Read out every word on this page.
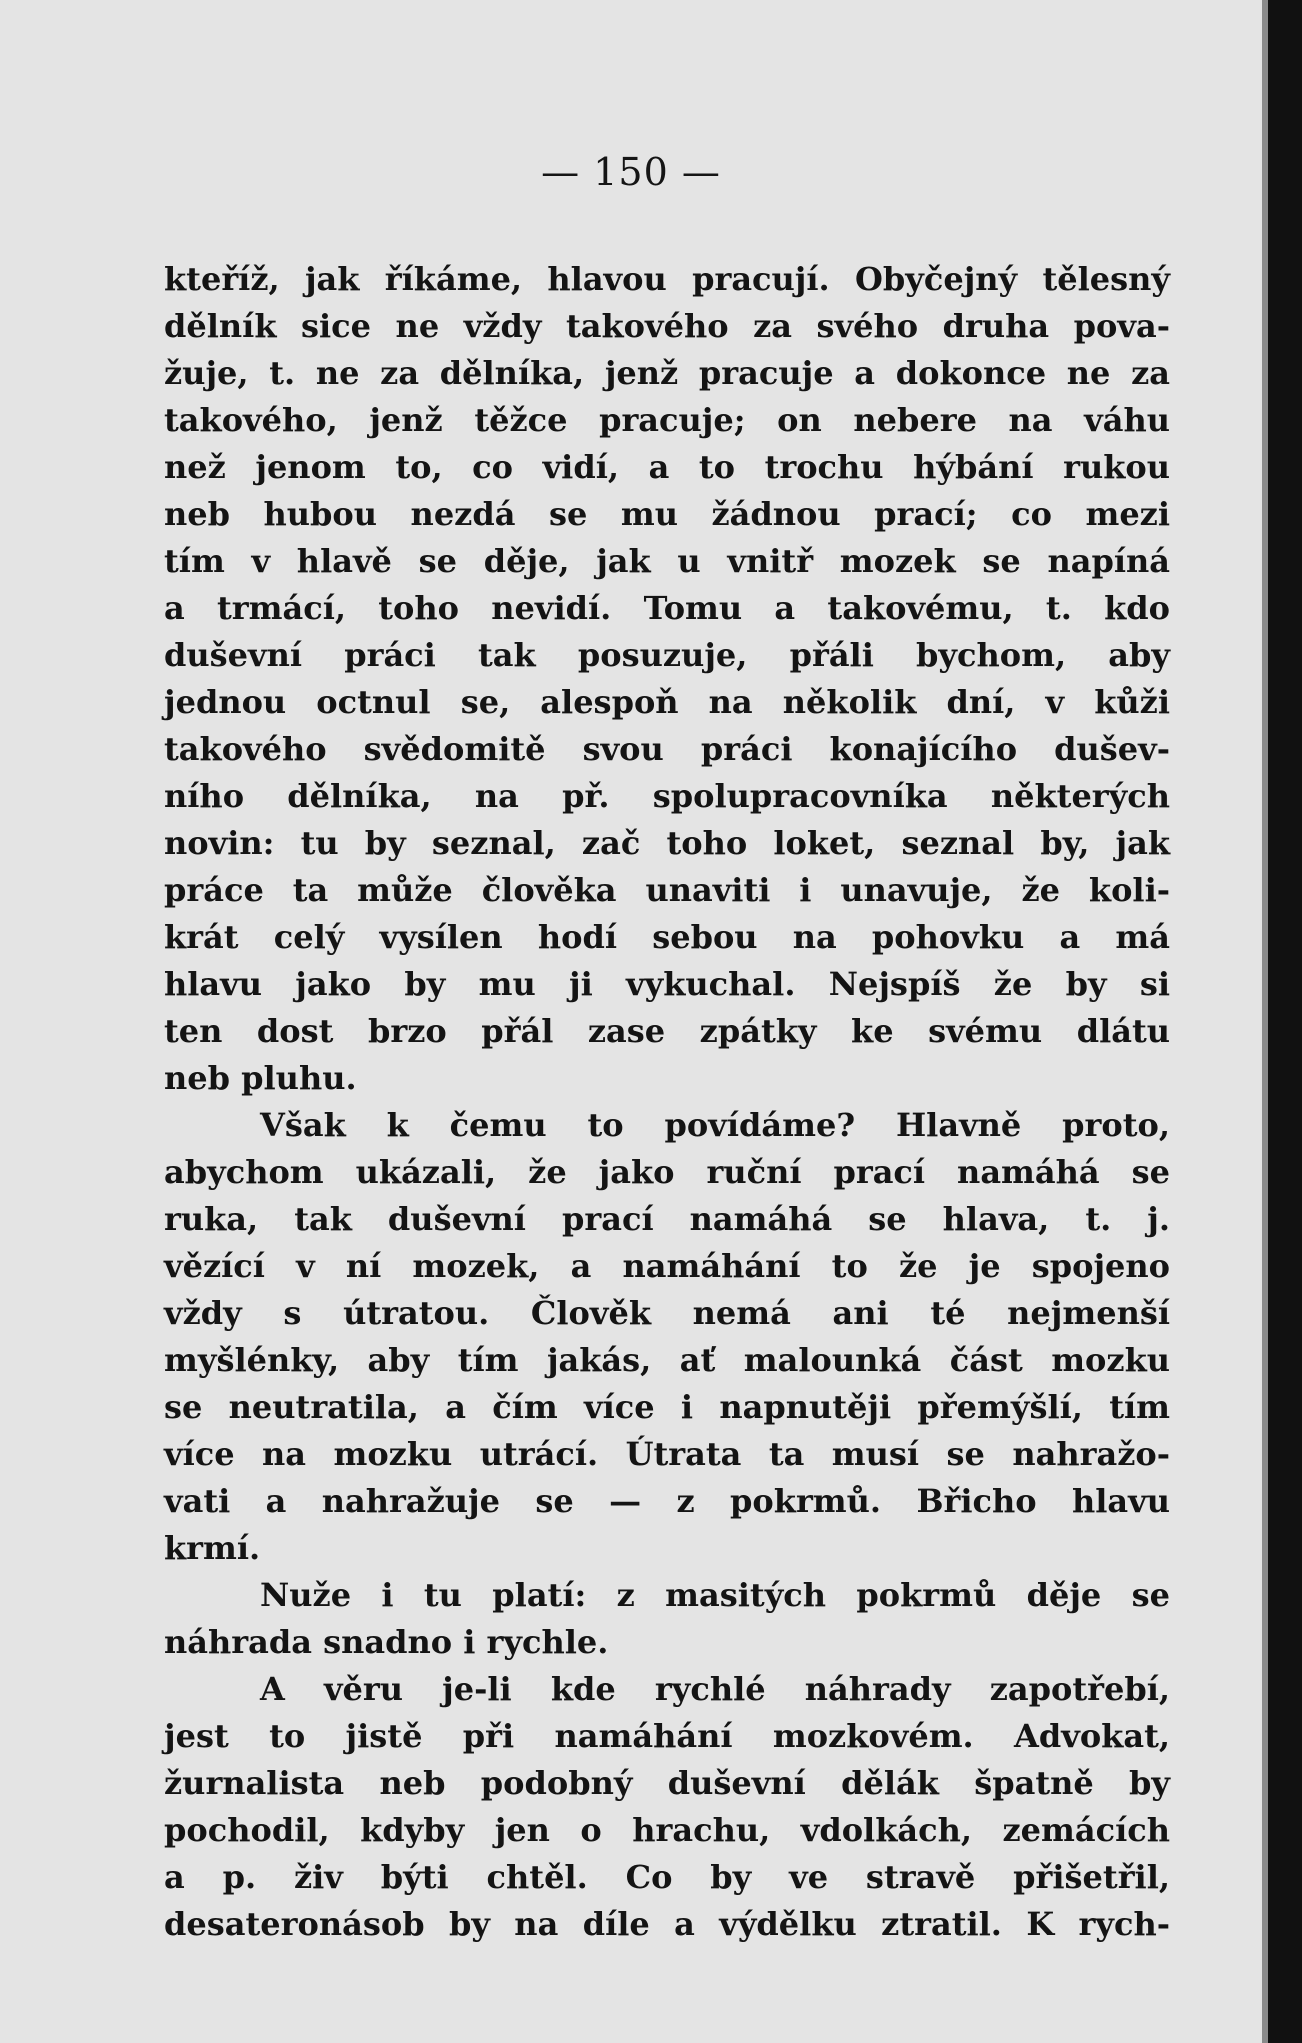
— 150 —
kteříž, jak říkáme, hlavou pracují. Obyčejný tělesný
dělník sice ne vždy takového za svého druha pova-
žuje, t. ne za dělníka, jenž pracuje a dokonce ne za
takového, jenž těžce pracuje; on nebere na váhu
než jenom to, co vidí, a to trochu hýbání rukou
neb hubou nezdá se mu žádnou prací; co mezi
tím v hlavě se děje, jak u vnitř mozek se napíná
a trmácí, toho nevidí. Tomu a takovému, t. kdo
duševní práci tak posuzuje, přáli bychom, aby
jednou octnul se, alespoň na několik dní, v kůži
takového svědomitě svou práci konajícího dušev-
ního dělníka, na př. spolupracovníka některých
novin: tu by seznal, zač toho loket, seznal by, jak
práce ta může člověka unaviti i unavuje, že koli-
krát celý vysílen hodí sebou na pohovku a má
hlavu jako by mu ji vykuchal. Nejspíš že by si
ten dost brzo přál zase zpátky ke svému dlátu
neb pluhu.
Však k čemu to povídáme? Hlavně proto,
abychom ukázali, že jako ruční prací namáhá se
ruka, tak duševní prací namáhá se hlava, t. j.
vězící v ní mozek, a namáhání to že je spojeno
vždy s útratou. Člověk nemá ani té nejmenší
myšlénky, aby tím jakás, ať malounká část mozku
se neutratila, a čím více i napnutěji přemýšlí, tím
více na mozku utrácí. Útrata ta musí se nahražo-
vati a nahražuje se — z pokrmů. Břicho hlavu
krmí.
Nuže i tu platí: z masitých pokrmů děje se
náhrada snadno i rychle.
A věru je-li kde rychlé náhrady zapotřebí,
jest to jistě při namáhání mozkovém. Advokat,
žurnalista neb podobný duševní dělák špatně by
pochodil, kdyby jen o hrachu, vdolkách, zemácích
a p. živ býti chtěl. Co by ve stravě přišetřil,
desateronásob by na díle a výdělku ztratil. K rych-
